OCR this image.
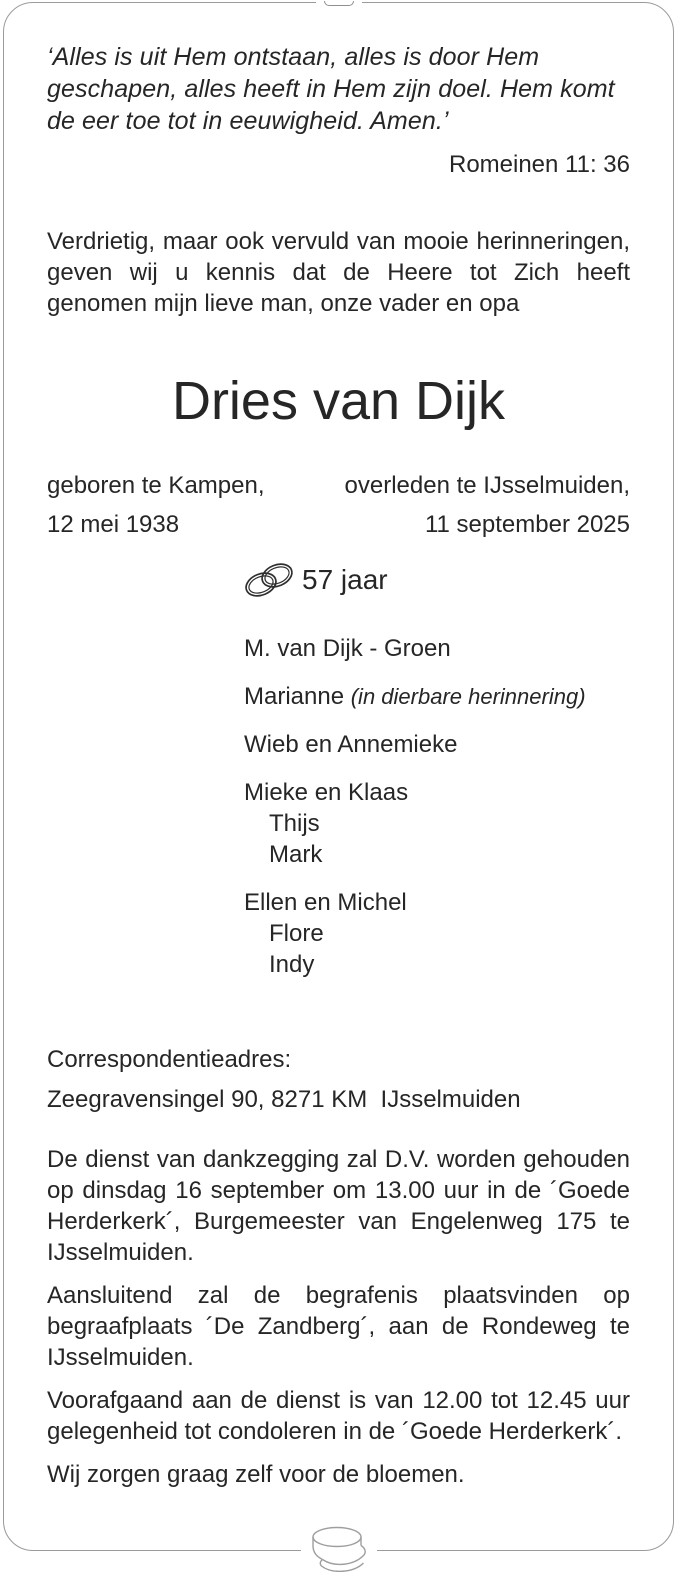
‘Alles is uit Hem ontstaan, alles is door Hem geschapen, alles heeft in Hem zijn doel. Hem komt de eer toe tot in eeuwigheid. Amen.’
Romeinen 11: 36
Verdrietig, maar ook vervuld van mooie herinneringen, geven wij u kennis dat de Heere tot Zich heeft genomen mijn lieve man, onze vader en opa
Dries van Dijk
geboren te Kampen,
12 mei 1938
overleden te IJsselmuiden,
11 september 2025
57 jaar
M. van Dijk - Groen
Marianne (in dierbare herinnering)
Wieb en Annemieke
Mieke en Klaas
Thijs
Mark
Ellen en Michel
Flore
Indy
Correspondentieadres:
Zeegravensingel 90, 8271 KM  IJsselmuiden

De dienst van dankzegging zal D.V. worden gehouden op dinsdag 16 september om 13.00 uur in de ´Goede Herderkerk´, Burgemeester van Engelenweg 175 te IJsselmuiden.

Aansluitend zal de begrafenis plaatsvinden op begraafplaats ´De Zandberg´, aan de Rondeweg te IJsselmuiden.

Voorafgaand aan de dienst is van 12.00 tot 12.45 uur gelegenheid tot condoleren in de ´Goede Herderkerk´.

Wij zorgen graag zelf voor de bloemen.
